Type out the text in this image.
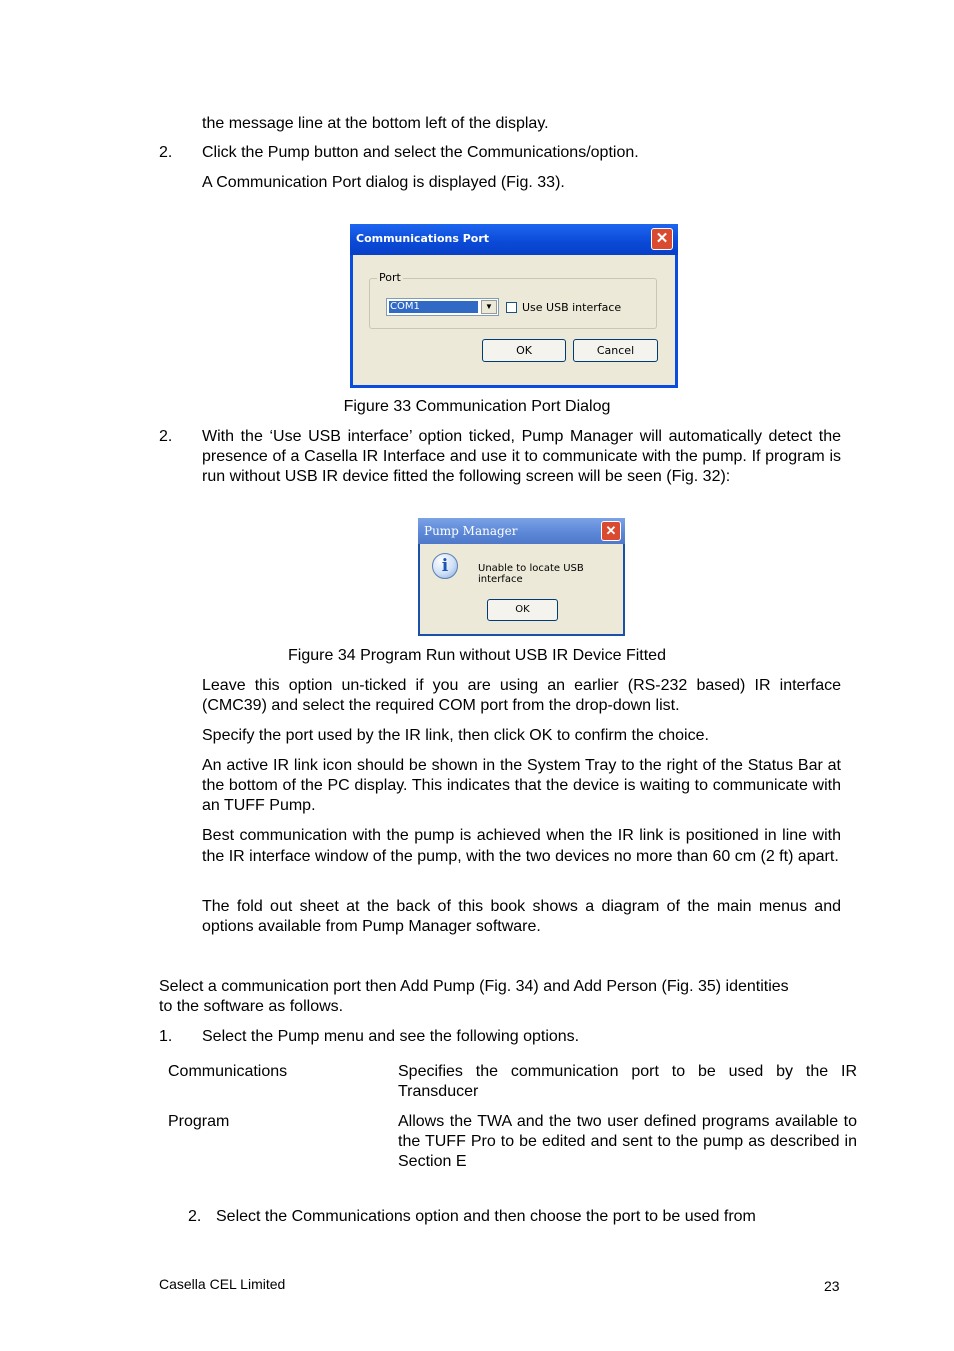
the message line at the bottom left of the display.
2. Click the Pump button and select the Communications/option.
A Communication Port dialog is displayed (Fig. 33).
Communications Port	✕
Port
COM1	▼	Use USB interface
OK	Cancel
Figure 33 Communication Port Dialog
2. With the ‘Use USB interface’ option ticked, Pump Manager will automatically detect the presence of a Casella IR Interface and use it to communicate with the pump. If program is run without USB IR device fitted the following screen will be seen (Fig. 32):
Pump Manager	✕
i	Unable to locate USB interface
OK
Figure 34 Program Run without USB IR Device Fitted
Leave this option un-ticked if you are using an earlier (RS-232 based) IR interface (CMC39) and select the required COM port from the drop-down list.
Specify the port used by the IR link, then click OK to confirm the choice.
An active IR link icon should be shown in the System Tray to the right of the Status Bar at the bottom of the PC display. This indicates that the device is waiting to communicate with an TUFF Pump.
Best communication with the pump is achieved when the IR link is positioned in line with the IR interface window of the pump, with the two devices no more than 60 cm (2 ft) apart.
The fold out sheet at the back of this book shows a diagram of the main menus and options available from Pump Manager software.
Select a communication port then Add Pump (Fig. 34) and Add Person (Fig. 35) identities to the software as follows.
1. Select the Pump menu and see the following options.
Communications	Specifies the communication port to be used by the IR Transducer
Program	Allows the TWA and the two user defined programs available to the TUFF Pro to be edited and sent to the pump as described in Section E
2. Select the Communications option and then choose the port to be used from
Casella CEL Limited	23
